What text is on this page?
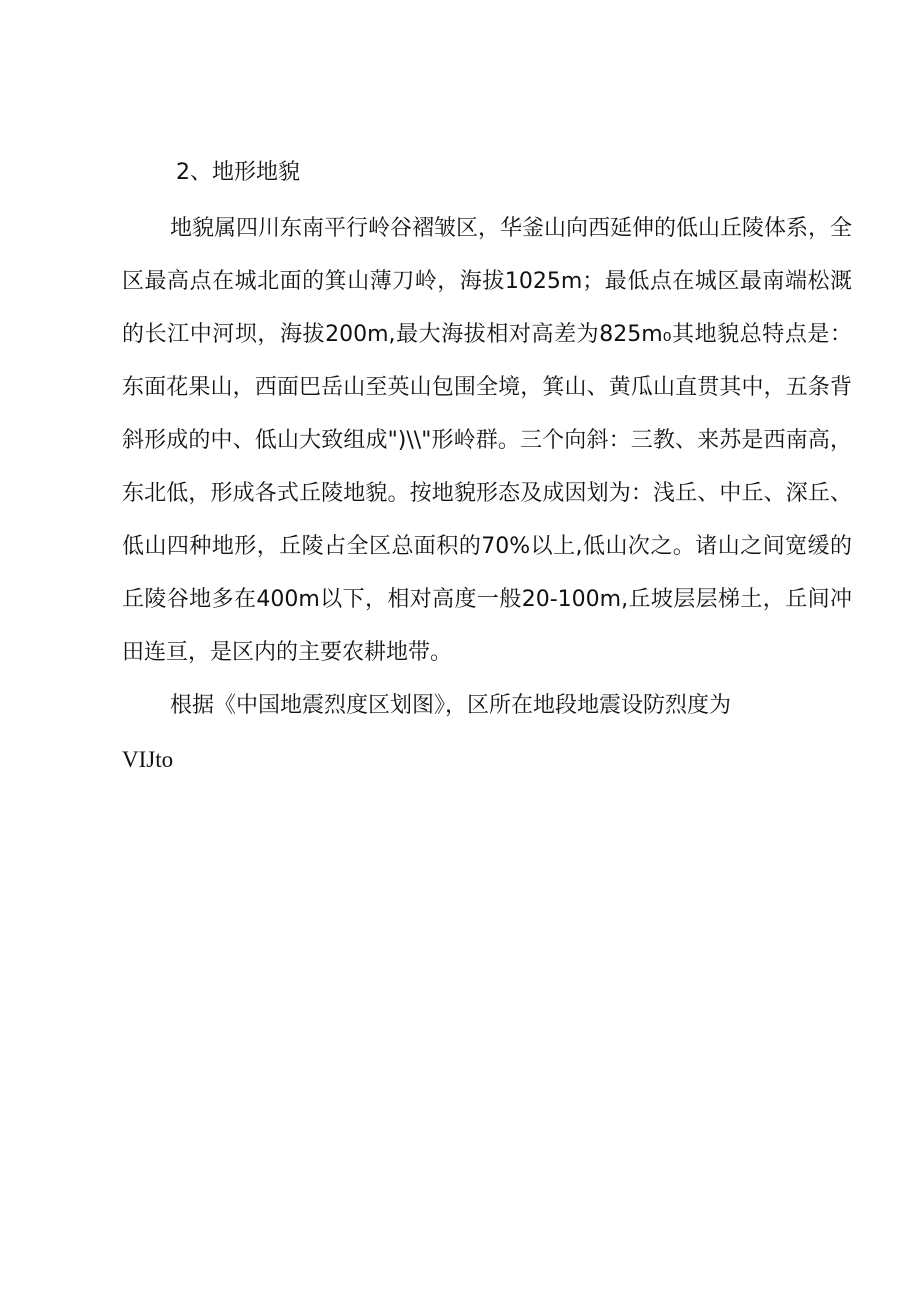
2、地形地貌

地貌属四川东南平行岭谷褶皱区，华釜山向西延伸的低山丘陵体系，全区最高点在城北面的箕山薄刀岭，海拔1025m；最低点在城区最南端松溉的长江中河坝，海拔200m,最大海拔相对高差为825m₀其地貌总特点是：东面花果山，西面巴岳山至英山包围全境，箕山、黄瓜山直贯其中，五条背斜形成的中、低山大致组成")\\"形岭群。三个向斜：三教、来苏是西南高，东北低，形成各式丘陵地貌。按地貌形态及成因划为：浅丘、中丘、深丘、低山四种地形，丘陵占全区总面积的70%以上,低山次之。诸山之间宽缓的丘陵谷地多在400m以下，相对高度一般20-100m,丘坡层层梯土，丘间冲田连亘，是区内的主要农耕地带。

根据《中国地震烈度区划图》，区所在地段地震设防烈度为

VIJto
